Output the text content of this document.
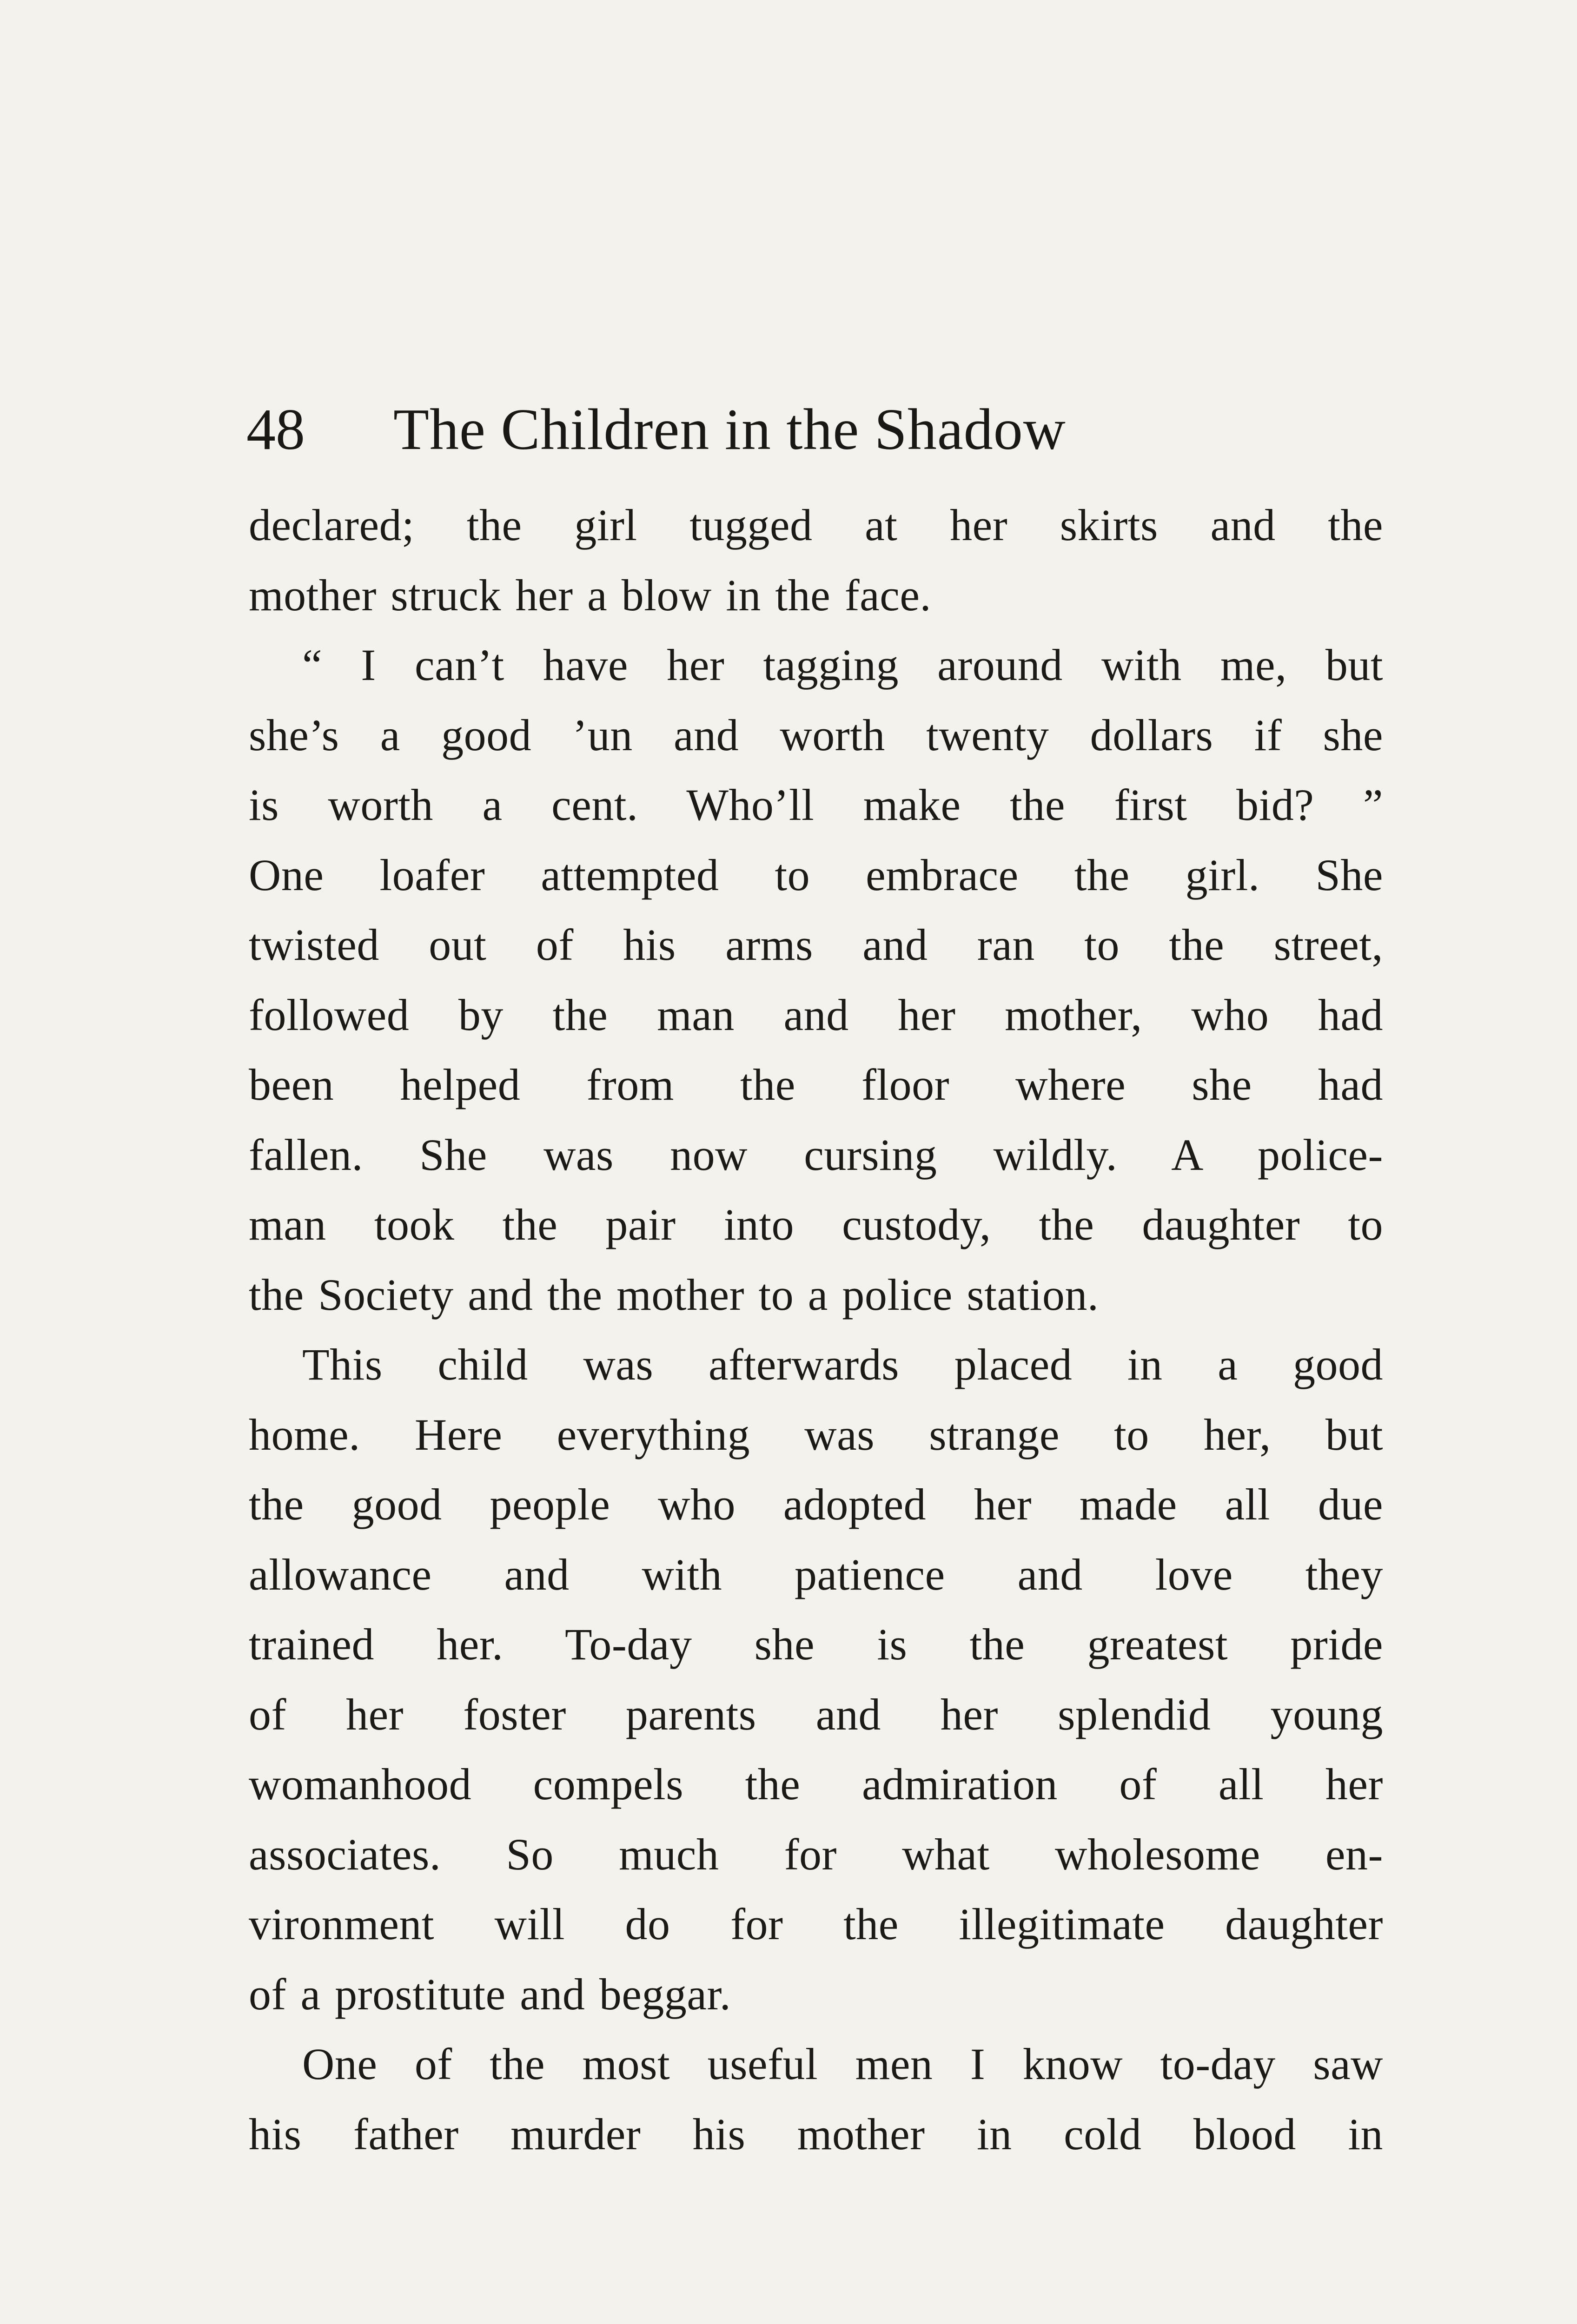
48 The Children in the Shadow
declared; the girl tugged at her skirts and the
mother struck her a blow in the face.
“ I can’t have her tagging around with me, but
she’s a good ’un and worth twenty dollars if she
is worth a cent. Who’ll make the first bid? ”
One loafer attempted to embrace the girl. She
twisted out of his arms and ran to the street,
followed by the man and her mother, who had
been helped from the floor where she had
fallen. She was now cursing wildly. A police-
man took the pair into custody, the daughter to
the Society and the mother to a police station.
This child was afterwards placed in a good
home. Here everything was strange to her, but
the good people who adopted her made all due
allowance and with patience and love they
trained her. To-day she is the greatest pride
of her foster parents and her splendid young
womanhood compels the admiration of all her
associates. So much for what wholesome en-
vironment will do for the illegitimate daughter
of a prostitute and beggar.
One of the most useful men I know to-day saw
his father murder his mother in cold blood in
